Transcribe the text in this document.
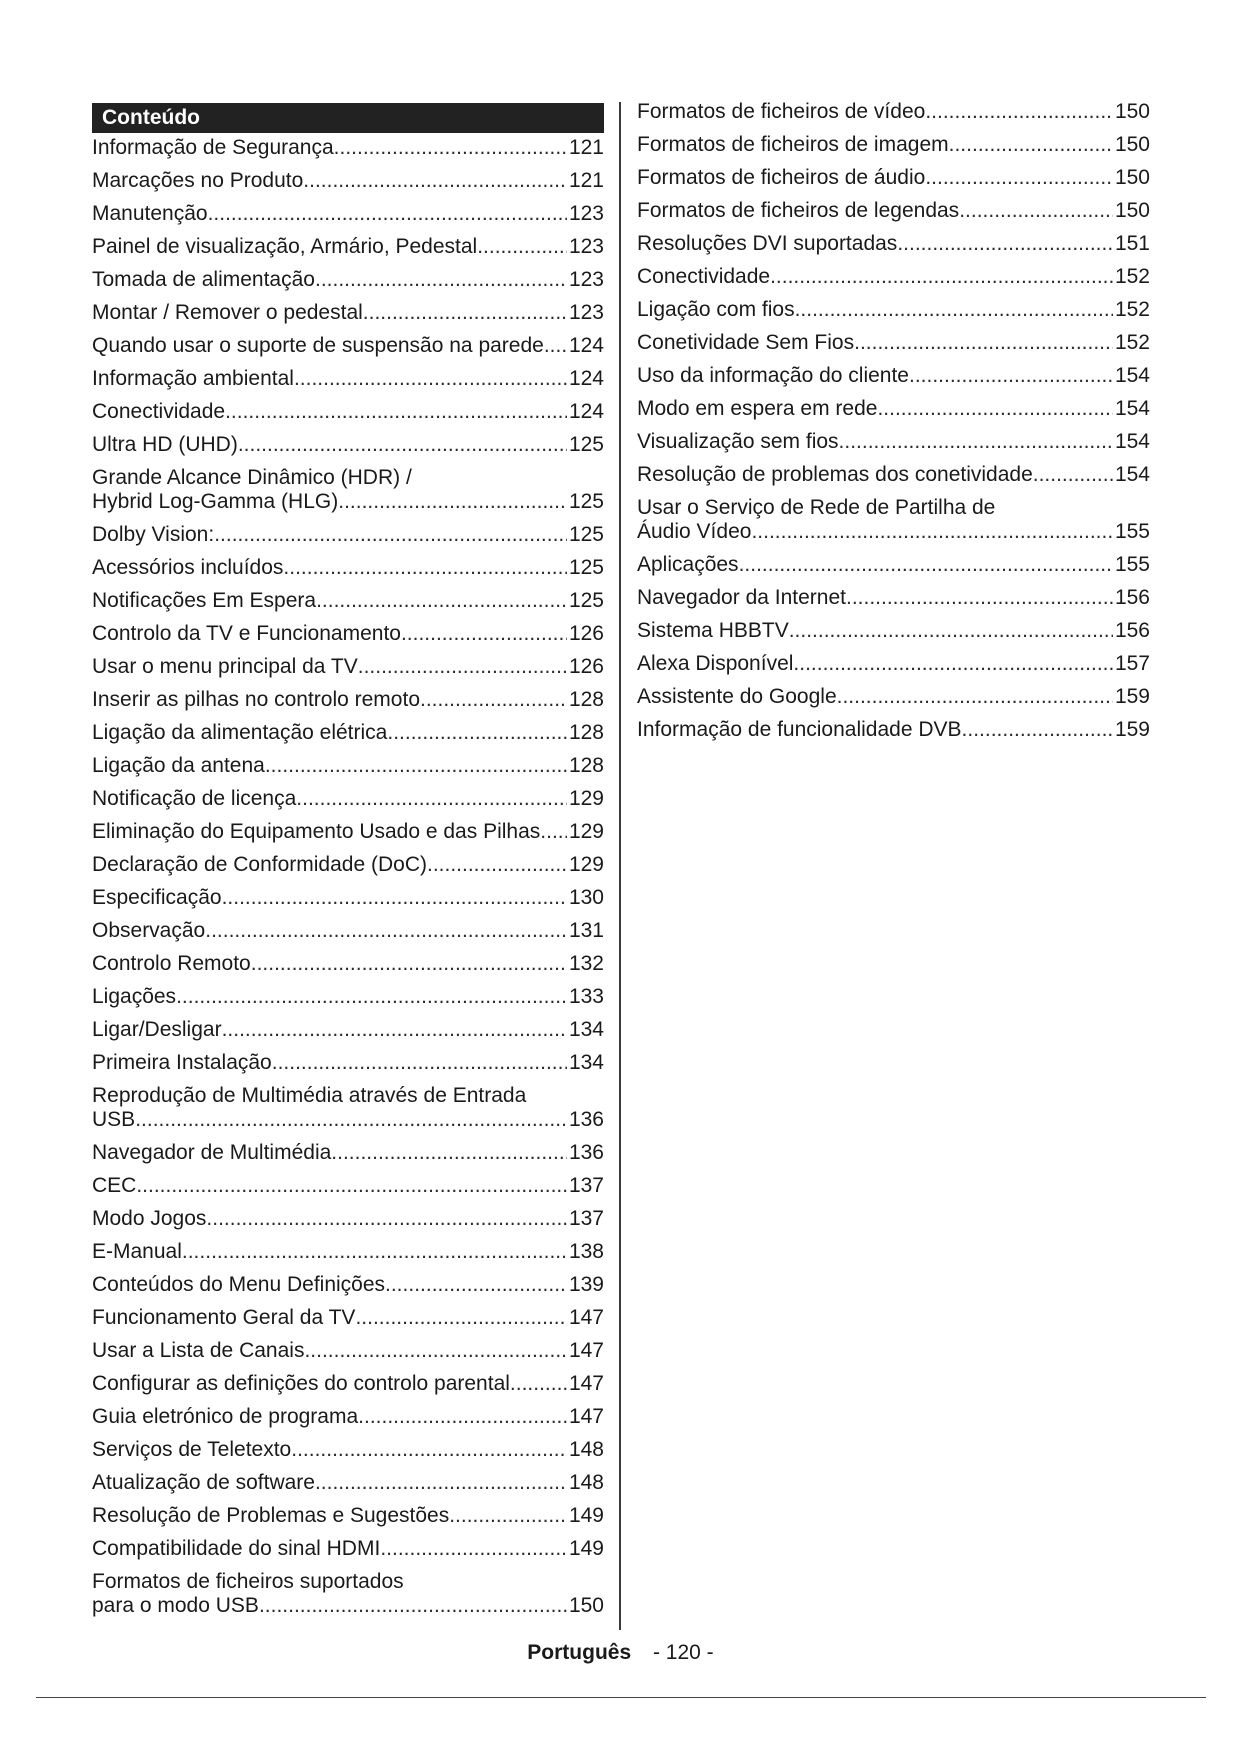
Conteúdo
Informação de Segurança .....	121
Marcações no Produto .....	121
Manutenção .....	123
Painel de visualização, Armário, Pedestal .....	123
Tomada de alimentação .....	123
Montar / Remover o pedestal .....	123
Quando usar o suporte de suspensão na parede ..... 124
Informação ambiental .....	124
Conectividade .....	124
Ultra HD (UHD) .....	125
Grande Alcance Dinâmico (HDR) /
Hybrid Log-Gamma (HLG) .....	125
Dolby Vision: .....	125
Acessórios incluídos .....	125
Notificações Em Espera .....	125
Controlo da TV e Funcionamento .....	126
Usar o menu principal da TV .....	126
Inserir as pilhas no controlo remoto .....	128
Ligação da alimentação elétrica .....	128
Ligação da antena .....	128
Notificação de licença .....	129
Eliminação do Equipamento Usado e das Pilhas ..... 129
Declaração de Conformidade (DoC) .....	129
Especificação .....	130
Observação .....	131
Controlo Remoto .....	132
Ligações .....	133
Ligar/Desligar .....	134
Primeira Instalação .....	134
Reprodução de Multimédia através de Entrada
USB .....	136
Navegador de Multimédia .....	136
CEC .....	137
Modo Jogos .....	137
E-Manual .....	138
Conteúdos do Menu Definições .....	139
Funcionamento Geral da TV .....	147
Usar a Lista de Canais .....	147
Configurar as definições do controlo parental .....	147
Guia eletrónico de programa .....	147
Serviços de Teletexto .....	148
Atualização de software .....	148
Resolução de Problemas e Sugestões .....	149
Compatibilidade do sinal HDMI .....	149
Formatos de ficheiros suportados
para o modo USB .....	150
Formatos de ficheiros de vídeo .....	150
Formatos de ficheiros de imagem .....	150
Formatos de ficheiros de áudio .....	150
Formatos de ficheiros de legendas .....	150
Resoluções DVI suportadas .....	151
Conectividade .....	152
Ligação com fios .....	152
Conetividade Sem Fios .....	152
Uso da informação do cliente .....	154
Modo em espera em rede .....	154
Visualização sem fios .....	154
Resolução de problemas dos conetividade .....	154
Usar o Serviço de Rede de Partilha de
Áudio Vídeo .....	155
Aplicações .....	155
Navegador da Internet .....	156
Sistema HBBTV .....	156
Alexa Disponível .....	157
Assistente do Google .....	159
Informação de funcionalidade DVB .....	159
Português - 120 -
